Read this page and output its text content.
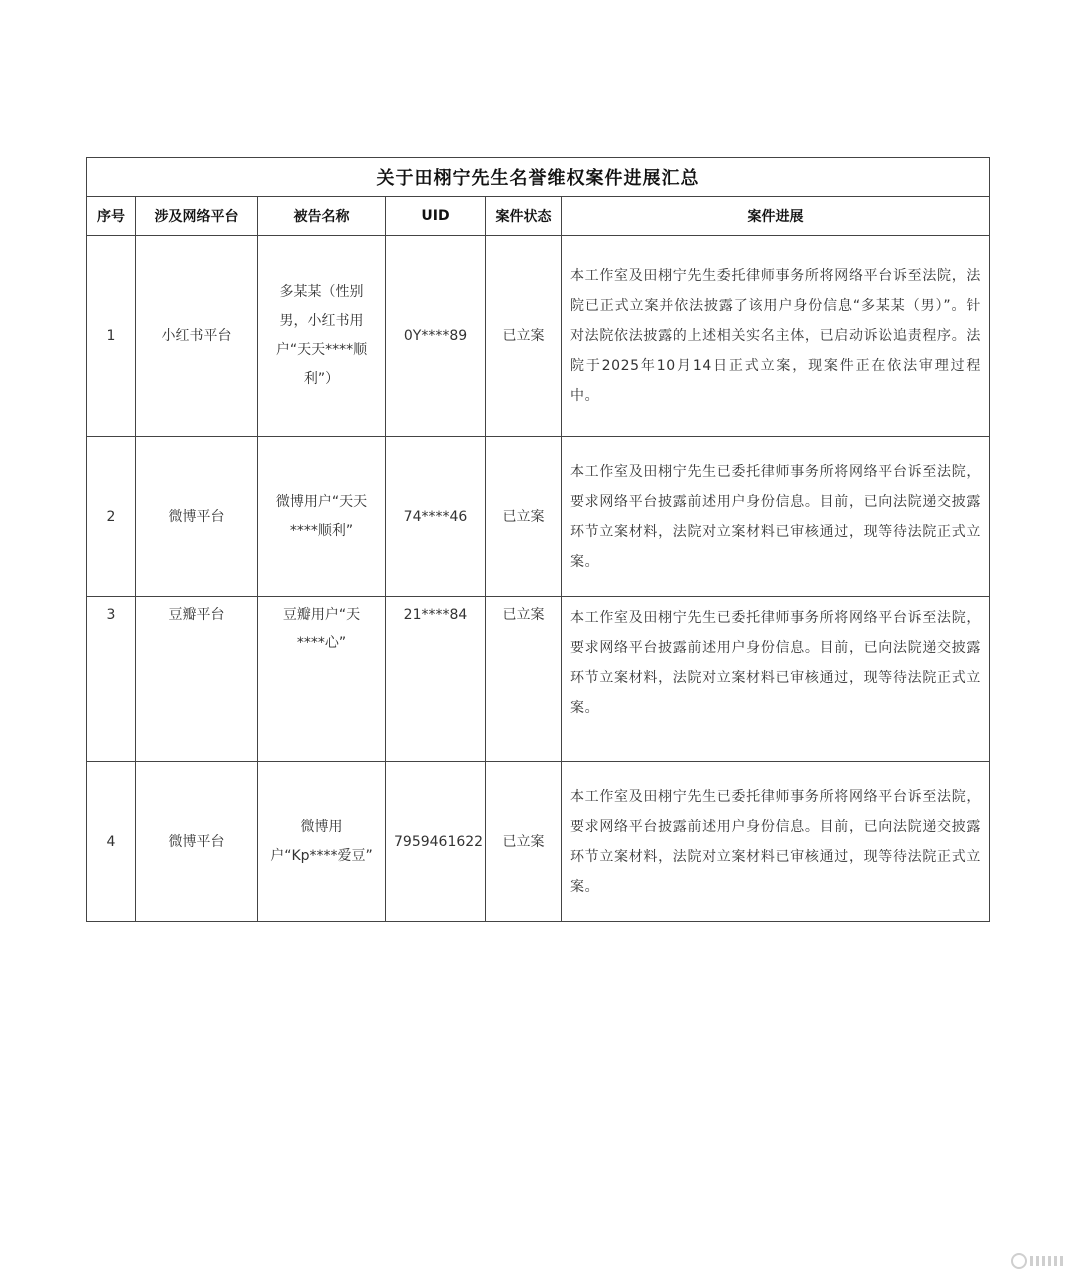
关于田栩宁先生名誉维权案件进展汇总					
序号	涉及网络平台	被告名称	UID	案件状态	案件进展

1	小红书平台	多某某（性别男，小红书用户“天天****顺利”）	0Y****89	已立案	本工作室及田栩宁先生委托律师事务所将网络平台诉至法院，法院已正式立案并依法披露了该用户身份信息“多某某（男）”。针对法院依法披露的上述相关实名主体，已启动诉讼追责程序。法院于2025年10月14日正式立案，现案件正在依法审理过程中。

2	微博平台	微博用户“天天****顺利”	74****46	已立案	本工作室及田栩宁先生已委托律师事务所将网络平台诉至法院，要求网络平台披露前述用户身份信息。目前，已向法院递交披露环节立案材料，法院对立案材料已审核通过，现等待法院正式立案。

3	豆瓣平台	豆瓣用户“天****心”	21****84	已立案	本工作室及田栩宁先生已委托律师事务所将网络平台诉至法院，要求网络平台披露前述用户身份信息。目前，已向法院递交披露环节立案材料，法院对立案材料已审核通过，现等待法院正式立案。

4	微博平台	微博用户“Kp****爱豆”	7959461622	已立案	本工作室及田栩宁先生已委托律师事务所将网络平台诉至法院，要求网络平台披露前述用户身份信息。目前，已向法院递交披露环节立案材料，法院对立案材料已审核通过，现等待法院正式立案。
